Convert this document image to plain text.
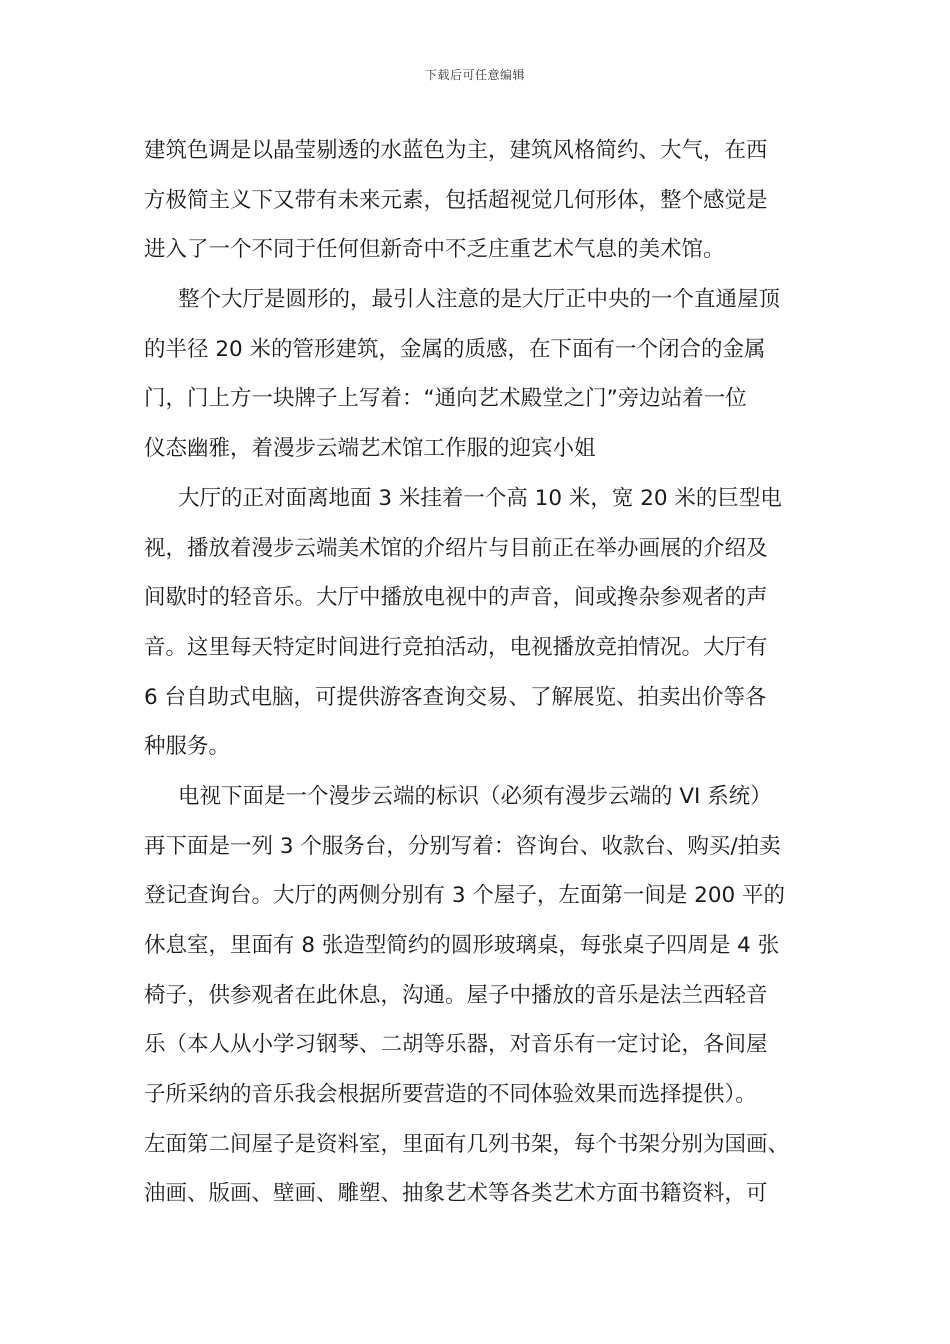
下载后可任意编辑
建筑色调是以晶莹剔透的水蓝色为主，建筑风格简约、大气，在西
方极简主义下又带有未来元素，包括超视觉几何形体，整个感觉是
进入了一个不同于任何但新奇中不乏庄重艺术气息的美术馆。
整个大厅是圆形的，最引人注意的是大厅正中央的一个直通屋顶
的半径 20 米的管形建筑，金属的质感，在下面有一个闭合的金属
门，门上方一块牌子上写着：“通向艺术殿堂之门”旁边站着一位
仪态幽雅，着漫步云端艺术馆工作服的迎宾小姐
大厅的正对面离地面 3 米挂着一个高 10 米，宽 20 米的巨型电
视，播放着漫步云端美术馆的介绍片与目前正在举办画展的介绍及
间歇时的轻音乐。大厅中播放电视中的声音，间或搀杂参观者的声
音。这里每天特定时间进行竞拍活动，电视播放竞拍情况。大厅有
6 台自助式电脑，可提供游客查询交易、了解展览、拍卖出价等各
种服务。
电视下面是一个漫步云端的标识（必须有漫步云端的 VI 系统）
再下面是一列 3 个服务台，分别写着：咨询台、收款台、购买/拍卖
登记查询台。大厅的两侧分别有 3 个屋子，左面第一间是 200 平的
休息室，里面有 8 张造型简约的圆形玻璃桌，每张桌子四周是 4 张
椅子，供参观者在此休息，沟通。屋子中播放的音乐是法兰西轻音
乐（本人从小学习钢琴、二胡等乐器，对音乐有一定讨论，各间屋
子所采纳的音乐我会根据所要营造的不同体验效果而选择提供）。
左面第二间屋子是资料室，里面有几列书架，每个书架分别为国画、
油画、版画、壁画、雕塑、抽象艺术等各类艺术方面书籍资料，可
